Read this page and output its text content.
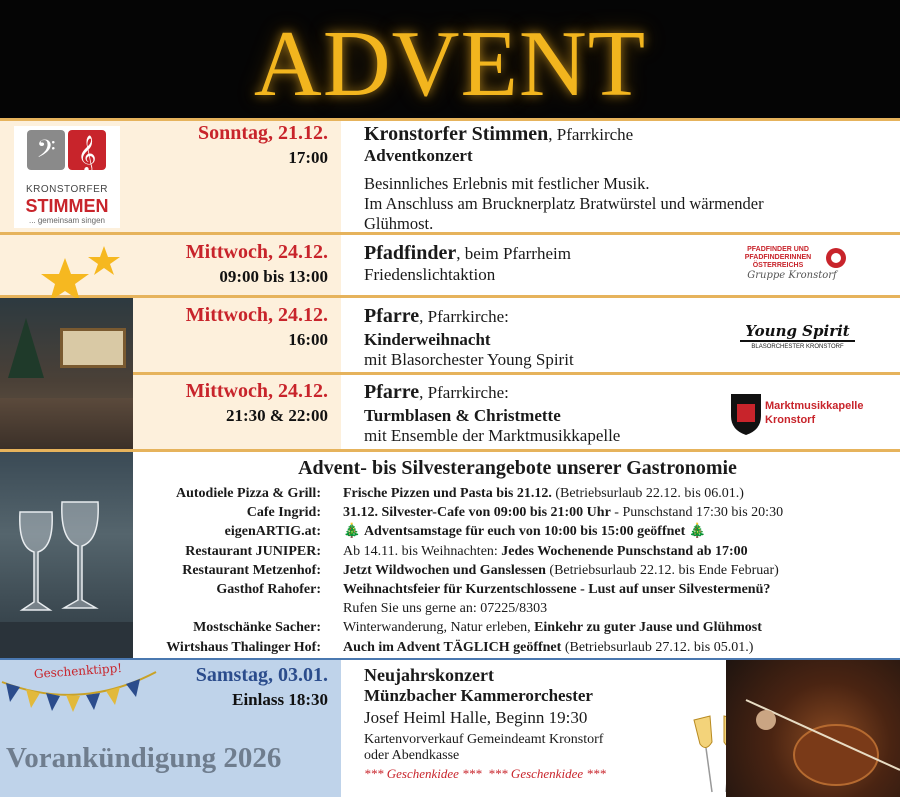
ADVENT
𝄢 𝄞
KRONSTORFER
STIMMEN
... gemeinsam singen
Sonntag, 21.12.
17:00
Kronstorfer Stimmen, Pfarrkirche
Adventkonzert
Besinnliches Erlebnis mit festlicher Musik.
Im Anschluss am Brucknerplatz Bratwürstel und wärmender
Glühmost.
Mittwoch, 24.12.
09:00 bis 13:00
Pfadfinder, beim Pfarrheim
Friedenslichtaktion
PFADFINDER UND
PFADFINDERINNEN
ÖSTERREICHS
Gruppe Kronstorf
Mittwoch, 24.12.
16:00
Pfarre, Pfarrkirche:
Kinderweihnacht
mit Blasorchester Young Spirit
Young Spirit
BLASORCHESTER KRONSTORF
Mittwoch, 24.12.
21:30 & 22:00
Pfarre, Pfarrkirche:
Turmblasen & Christmette
mit Ensemble der Marktmusikkapelle
Marktmusikkapelle
Kronstorf
Advent- bis Silvesterangebote unserer Gastronomie
Autodiele Pizza & Grill:	Frische Pizzen und Pasta bis 21.12. (Betriebsurlaub 22.12. bis 06.01.)
Cafe Ingrid:	31.12. Silvester-Cafe von 09:00 bis 21:00 Uhr - Punschstand 17:30 bis 20:30
eigenARTIG.at:	🎄 Adventsamstage für euch von 10:00 bis 15:00 geöffnet 🎄
Restaurant JUNIPER:	Ab 14.11. bis Weihnachten: Jedes Wochenende Punschstand ab 17:00
Restaurant Metzenhof:	Jetzt Wildwochen und Ganslessen (Betriebsurlaub 22.12. bis Ende Februar)
Gasthof Rahofer:	Weihnachtsfeier für Kurzentschlossene - Lust auf unser Silvestermenü?
Rufen Sie uns gerne an: 07225/8303
Mostschänke Sacher:	Winterwanderung, Natur erleben, Einkehr zu guter Jause und Glühmost
Wirtshaus Thalinger Hof:	Auch im Advent TÄGLICH geöffnet (Betriebsurlaub 27.12. bis 05.01.)
Geschenktipp!	Samstag, 03.01.
Einlass 18:30
Vorankündigung 2026
Neujahrskonzert
Münzbacher Kammerorchester
Josef Heiml Halle, Beginn 19:30
Kartenvorverkauf Gemeindeamt Kronstorf
oder Abendkasse
*** Geschenkidee ***  *** Geschenkidee ***
